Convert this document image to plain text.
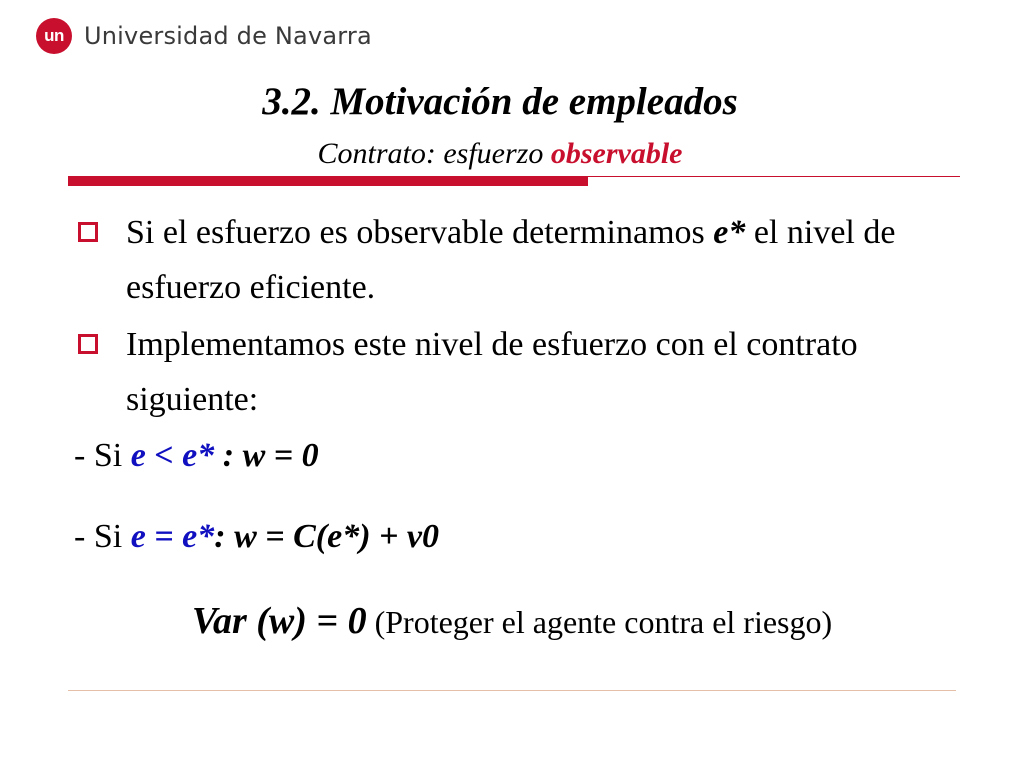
un Universidad de Navarra
3.2. Motivación de empleados
Contrato: esfuerzo observable
Si el esfuerzo es observable determinamos e* el nivel de esfuerzo eficiente.
Implementamos este nivel de esfuerzo con el contrato siguiente:
- Si e < e* : w = 0
- Si e = e*: w = C(e*) + v0
Var (w) = 0 (Proteger el agente contra el riesgo)
